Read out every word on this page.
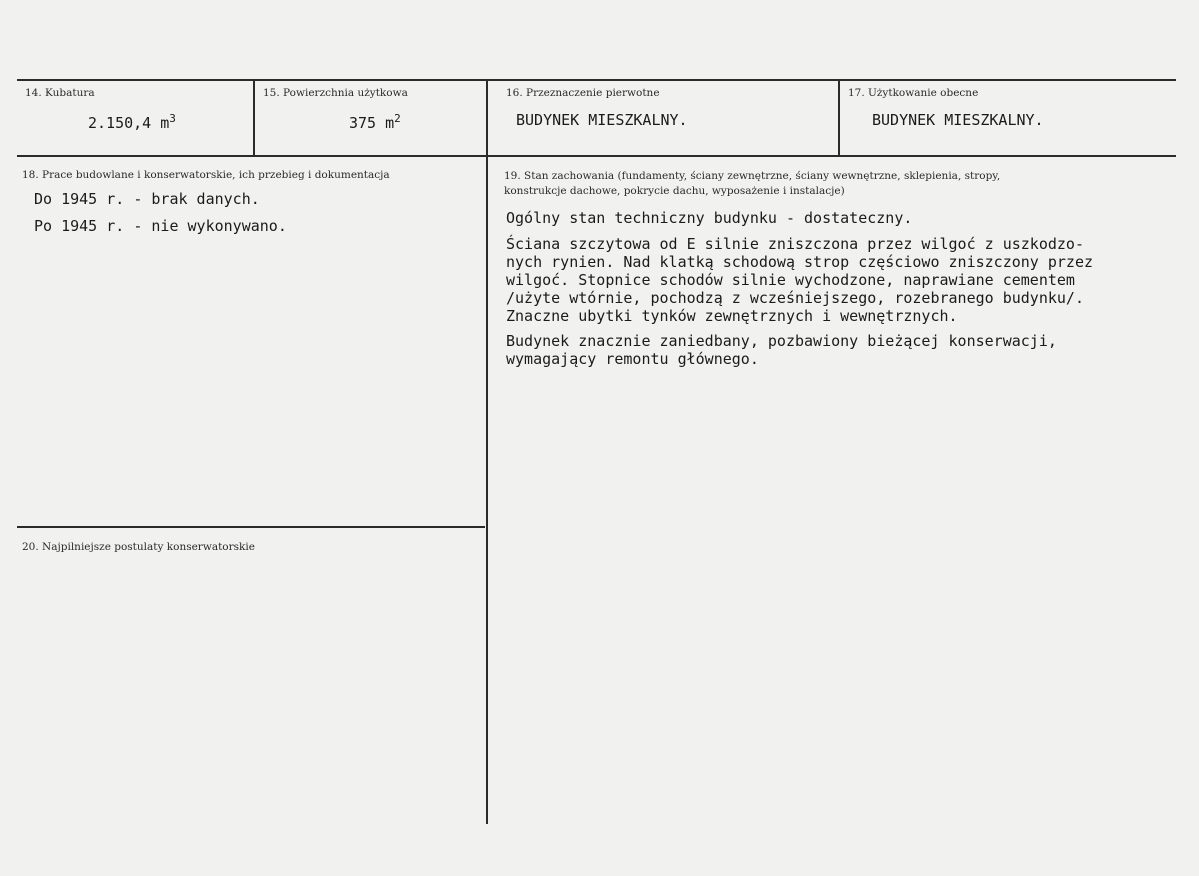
14. Kubatura
2.150,4 $m^3$
15. Powierzchnia użytkowa
375 $m^2$
16. Przeznaczenie pierwotne
BUDYNEK MIESZKALNY.
17. Użytkowanie obecne
BUDYNEK MIESZKALNY.
18. Prace budowlane i konserwatorskie, ich przebieg i dokumentacja
Do 1945 r. - brak danych.
Po 1945 r. - nie wykonywano.
19. Stan zachowania (fundamenty, ściany zewnętrzne, ściany wewnętrzne, sklepienia, stropy,
konstrukcje dachowe, pokrycie dachu, wyposażenie i instalacje)
Ogólny stan techniczny budynku - dostateczny.
Ściana szczytowa od E silnie zniszczona przez wilgoć z uszkodzo-
nych rynien. Nad klatką schodową strop częściowo zniszczony przez
wilgoć. Stopnice schodów silnie wychodzone, naprawiane cementem
/użyte wtórnie, pochodzą z wcześniejszego, rozebranego budynku/.
Znaczne ubytki tynków zewnętrznych i wewnętrznych.
Budynek znacznie zaniedbany, pozbawiony bieżącej konserwacji,
wymagający remontu głównego.
20. Najpilniejsze postulaty konserwatorskie
